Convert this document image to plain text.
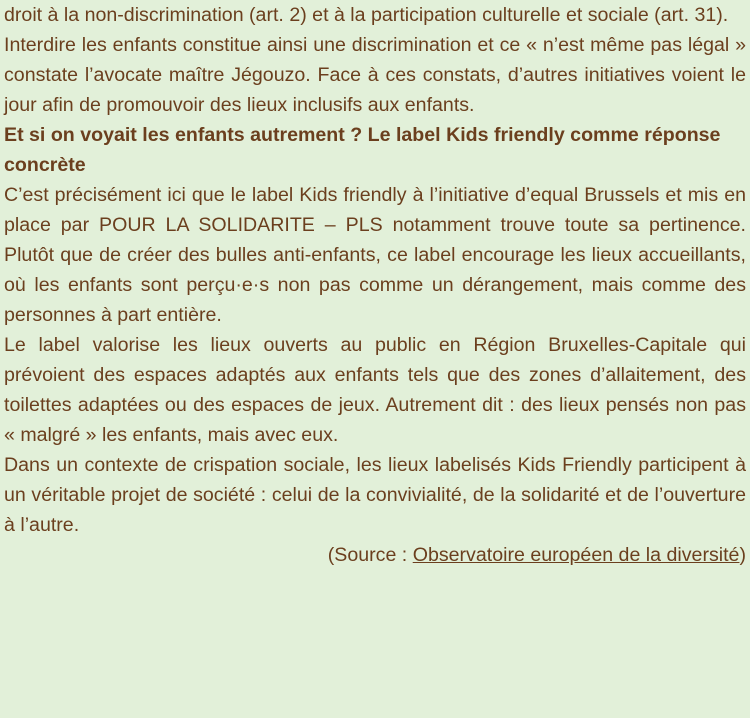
droit à la non-discrimination (art. 2) et à la participation culturelle et sociale (art. 31).

Interdire les enfants constitue ainsi une discrimination et ce « n’est même pas légal » constate l’avocate maître Jégouzo. Face à ces constats, d’autres initiatives voient le jour afin de promouvoir des lieux inclusifs aux enfants.

Et si on voyait les enfants autrement ? Le label Kids friendly comme réponse concrète

C’est précisément ici que le label Kids friendly à l’initiative d’equal Brussels et mis en place par POUR LA SOLIDARITE – PLS notamment trouve toute sa pertinence. Plutôt que de créer des bulles anti-enfants, ce label encourage les lieux accueillants, où les enfants sont perçu·e·s non pas comme un dérangement, mais comme des personnes à part entière.

Le label valorise les lieux ouverts au public en Région Bruxelles-Capitale qui prévoient des espaces adaptés aux enfants tels que des zones d’allaitement, des toilettes adaptées ou des espaces de jeux. Autrement dit : des lieux pensés non pas « malgré » les enfants, mais avec eux.

Dans un contexte de crispation sociale, les lieux labelisés Kids Friendly participent à un véritable projet de société : celui de la convivialité, de la solidarité et de l’ouverture à l’autre.

(Source : Observatoire européen de la diversité)
